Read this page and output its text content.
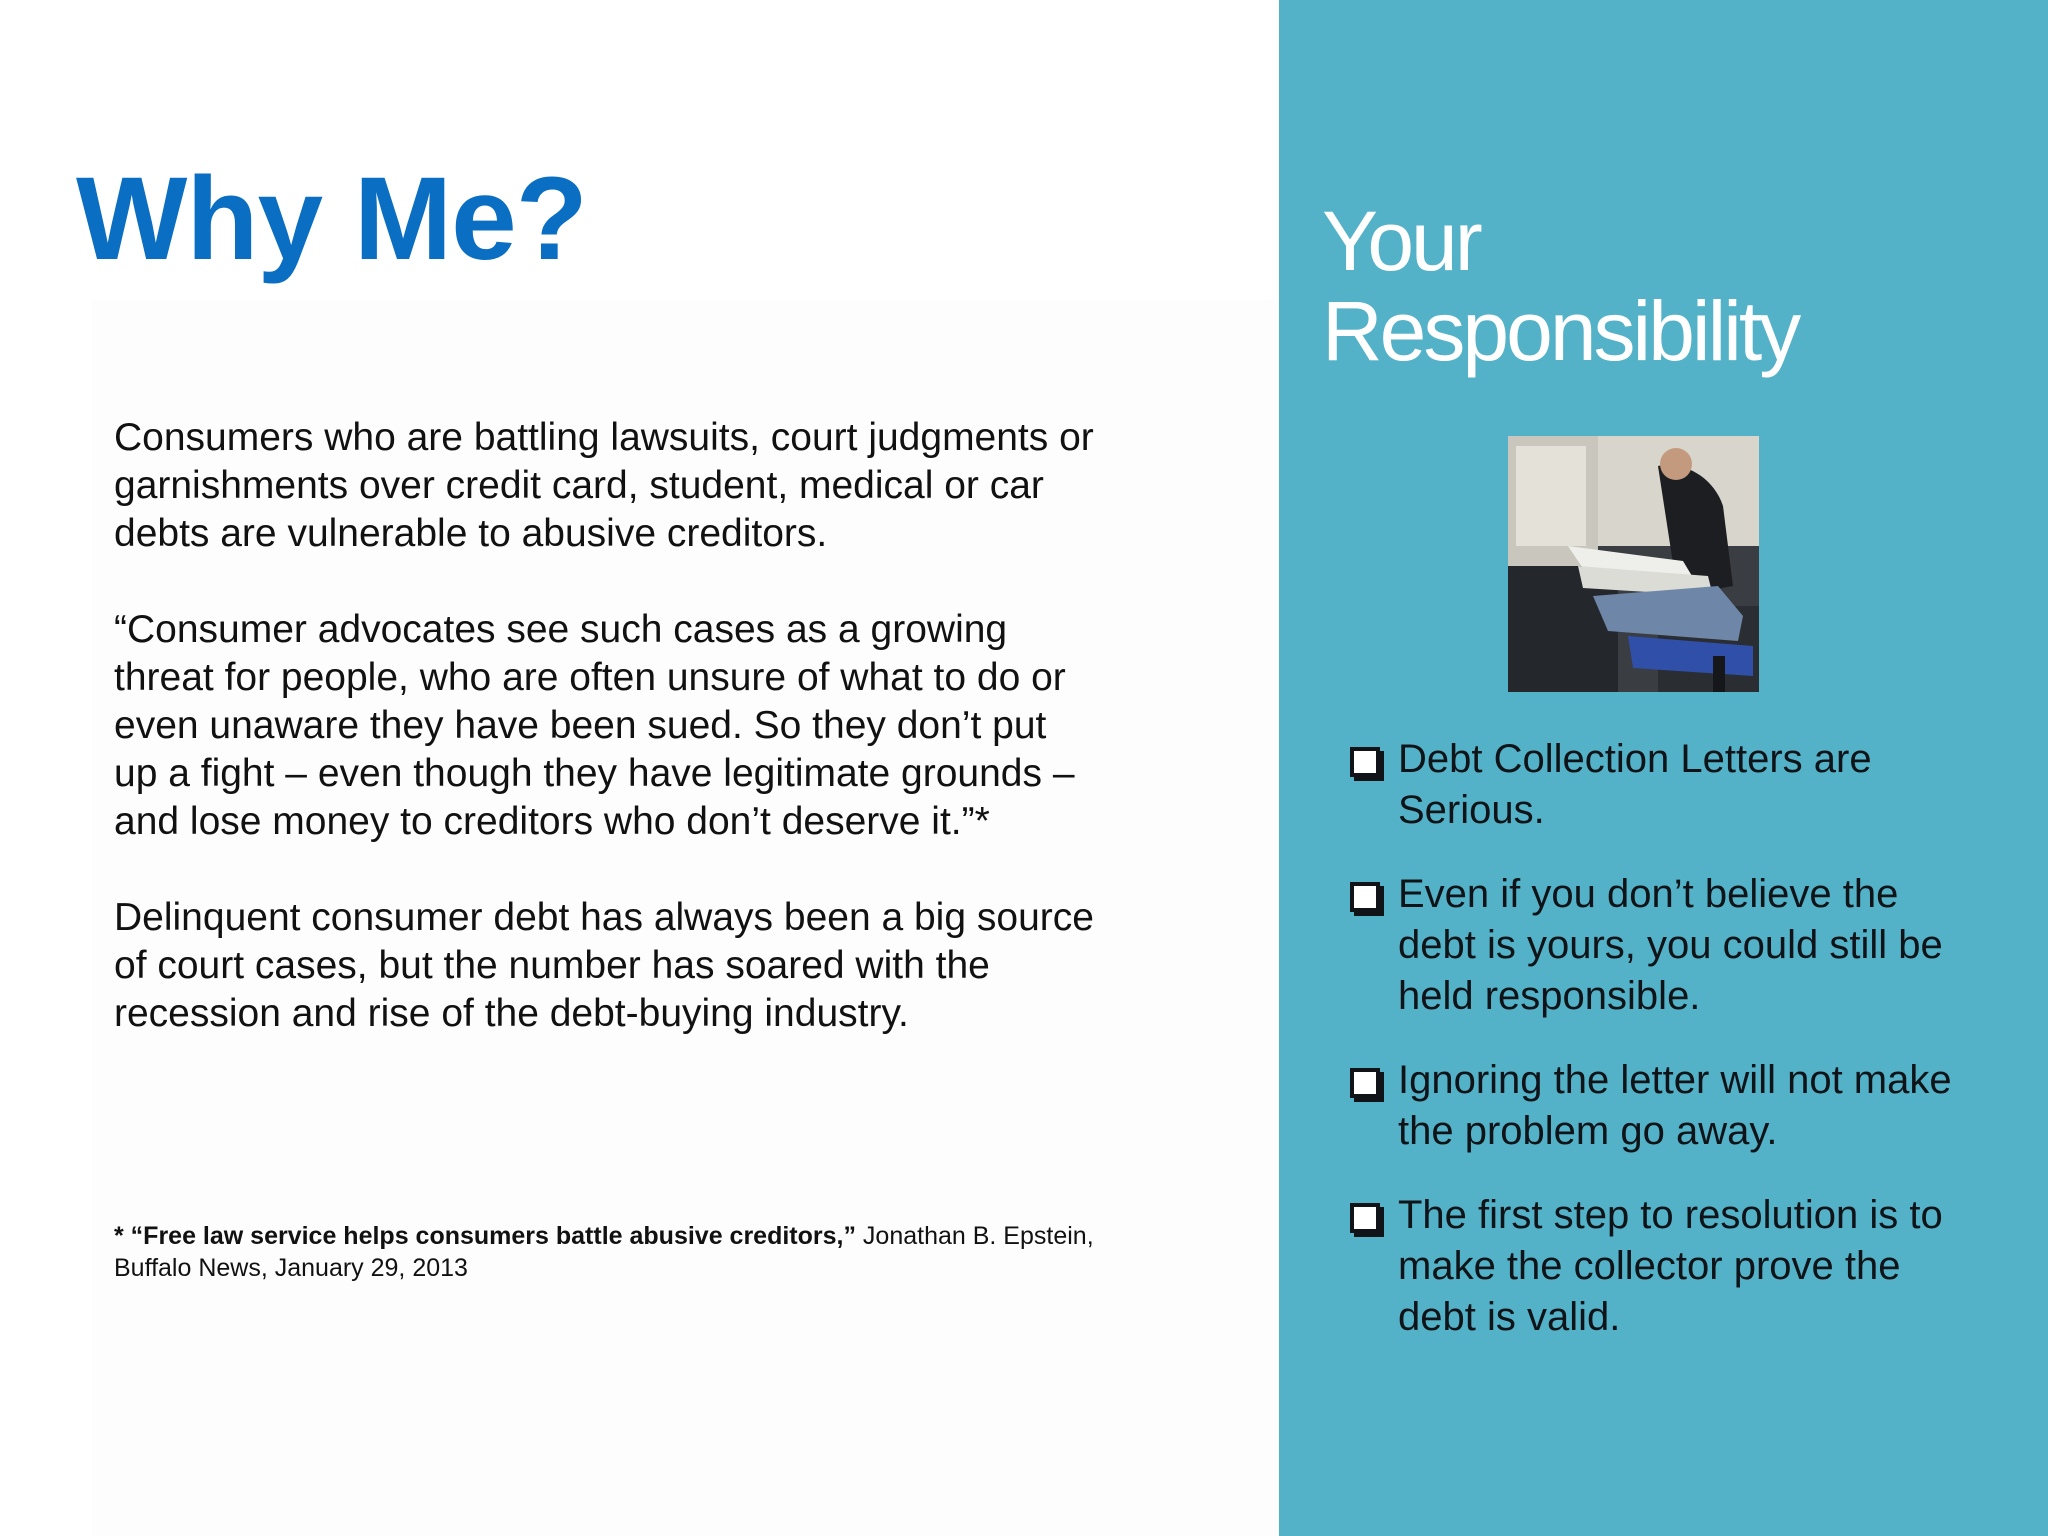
Why Me?

Consumers who are battling lawsuits, court judgments or garnishments over credit card, student, medical or car debts are vulnerable to abusive creditors.

“Consumer advocates see such cases as a growing threat for people, who are often unsure of what to do or even unaware they have been sued. So they don’t put up a fight – even though they have legitimate grounds – and lose money to creditors who don’t deserve it.”*

Delinquent consumer debt has always been a big source of court cases, but the number has soared with the recession and rise of the debt-buying industry.

* “Free law service helps consumers battle abusive creditors,” Jonathan B. Epstein, Buffalo News, January 29, 2013
Your
Responsibility
Debt Collection Letters are Serious.
Even if you don’t believe the debt is yours, you could still be held responsible.
Ignoring the letter will not make the problem go away.
The first step to resolution is to make the collector prove the debt is valid.
